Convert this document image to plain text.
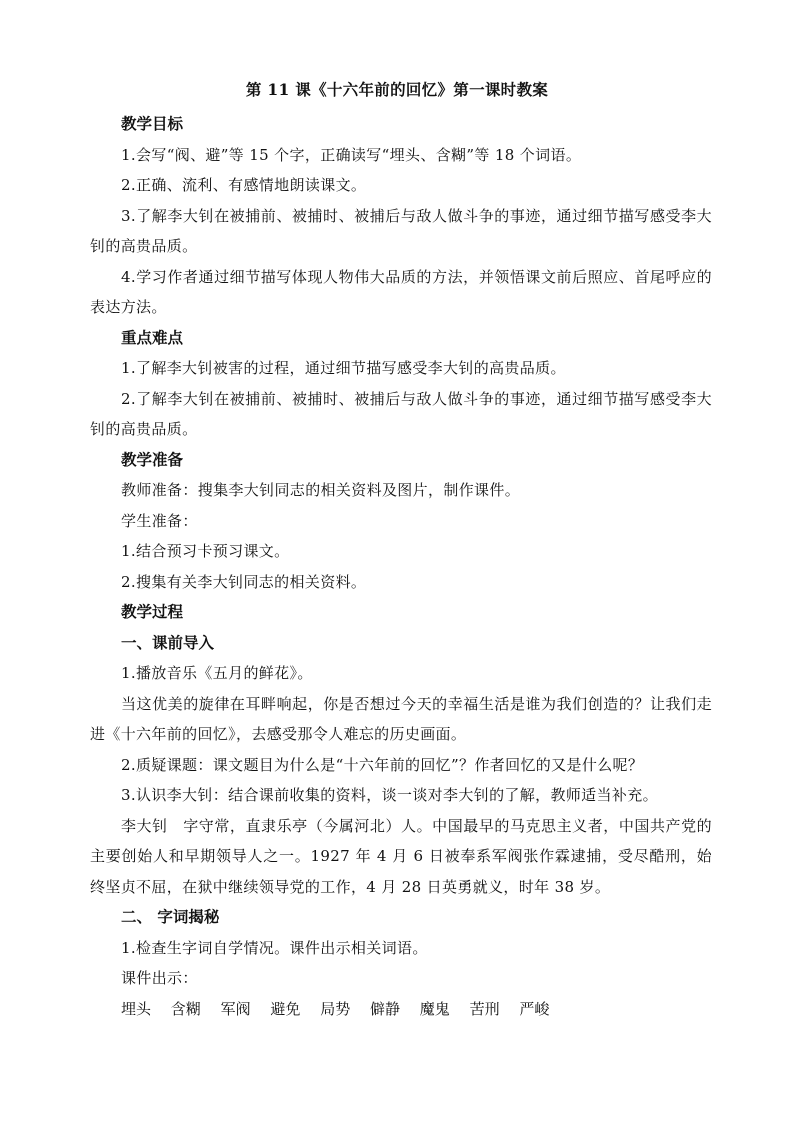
第 11 课《十六年前的回忆》第一课时教案

教学目标

1.会写“阀、避”等 15 个字，正确读写“埋头、含糊”等 18 个词语。

2.正确、流利、有感情地朗读课文。

3.了解李大钊在被捕前、被捕时、被捕后与敌人做斗争的事迹，通过细节描写感受李大钊的高贵品质。

4.学习作者通过细节描写体现人物伟大品质的方法，并领悟课文前后照应、首尾呼应的表达方法。

重点难点

1.了解李大钊被害的过程，通过细节描写感受李大钊的高贵品质。

2.了解李大钊在被捕前、被捕时、被捕后与敌人做斗争的事迹，通过细节描写感受李大钊的高贵品质。

教学准备

教师准备：搜集李大钊同志的相关资料及图片，制作课件。

学生准备：

1.结合预习卡预习课文。

2.搜集有关李大钊同志的相关资料。

教学过程

一、课前导入

1.播放音乐《五月的鲜花》。

当这优美的旋律在耳畔响起，你是否想过今天的幸福生活是谁为我们创造的？让我们走进《十六年前的回忆》，去感受那令人难忘的历史画面。

2.质疑课题：课文题目为什么是“十六年前的回忆”？作者回忆的又是什么呢？

3.认识李大钊：结合课前收集的资料，谈一谈对李大钊的了解，教师适当补充。

李大钊　字守常，直隶乐亭（今属河北）人。中国最早的马克思主义者，中国共产党的主要创始人和早期领导人之一。1927 年 4 月 6 日被奉系军阀张作霖逮捕，受尽酷刑，始终坚贞不屈，在狱中继续领导党的工作，4 月 28 日英勇就义，时年 38 岁。

二、 字词揭秘

1.检查生字词自学情况。课件出示相关词语。

课件出示：

埋头 含糊 军阀 避免 局势 僻静 魔鬼 苦刑 严峻
